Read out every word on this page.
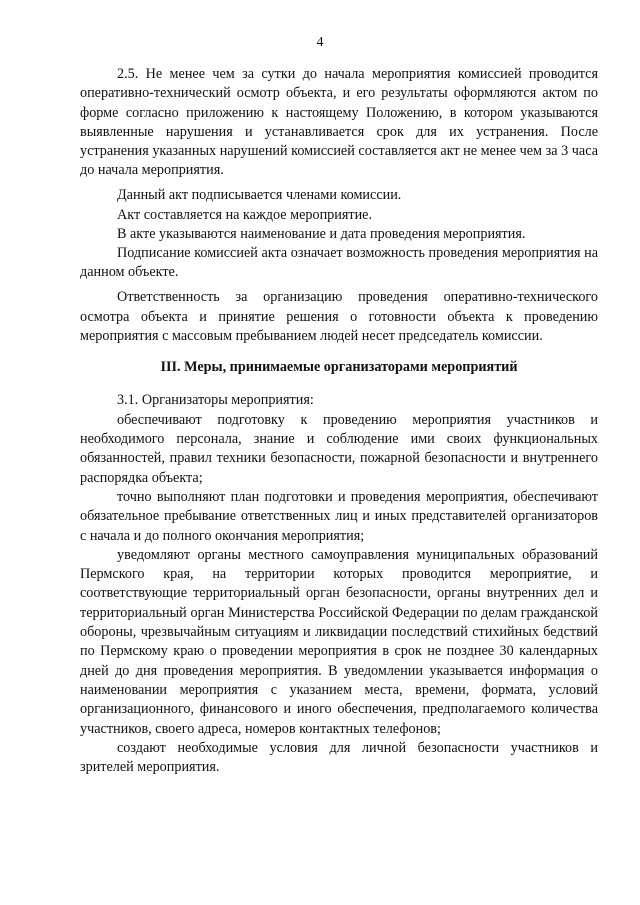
4

2.5. Не менее чем за сутки до начала мероприятия комиссией проводится оперативно-технический осмотр объекта, и его результаты оформляются актом по форме согласно приложению к настоящему Положению, в котором указываются выявленные нарушения и устанавливается срок для их устранения. После устранения указанных нарушений комиссией составляется акт не менее чем за 3 часа до начала мероприятия.

Данный акт подписывается членами комиссии.

Акт составляется на каждое мероприятие.

В акте указываются наименование и дата проведения мероприятия.

Подписание комиссией акта означает возможность проведения мероприятия на данном объекте.

Ответственность за организацию проведения оперативно-технического осмотра объекта и принятие решения о готовности объекта к проведению мероприятия с массовым пребыванием людей несет председатель комиссии.

III. Меры, принимаемые организаторами мероприятий

3.1. Организаторы мероприятия:

обеспечивают подготовку к проведению мероприятия участников и необходимого персонала, знание и соблюдение ими своих функциональных обязанностей, правил техники безопасности, пожарной безопасности и внутреннего распорядка объекта;

точно выполняют план подготовки и проведения мероприятия, обеспечивают обязательное пребывание ответственных лиц и иных представителей организаторов с начала и до полного окончания мероприятия;

уведомляют органы местного самоуправления муниципальных образований Пермского края, на территории которых проводится мероприятие, и соответствующие территориальный орган безопасности, органы внутренних дел и территориальный орган Министерства Российской Федерации по делам гражданской обороны, чрезвычайным ситуациям и ликвидации последствий стихийных бедствий по Пермскому краю о проведении мероприятия в срок не позднее 30 календарных дней до дня проведения мероприятия. В уведомлении указывается информация о наименовании мероприятия с указанием места, времени, формата, условий организационного, финансового и иного обеспечения, предполагаемого количества участников, своего адреса, номеров контактных телефонов;

создают необходимые условия для личной безопасности участников и зрителей мероприятия.
